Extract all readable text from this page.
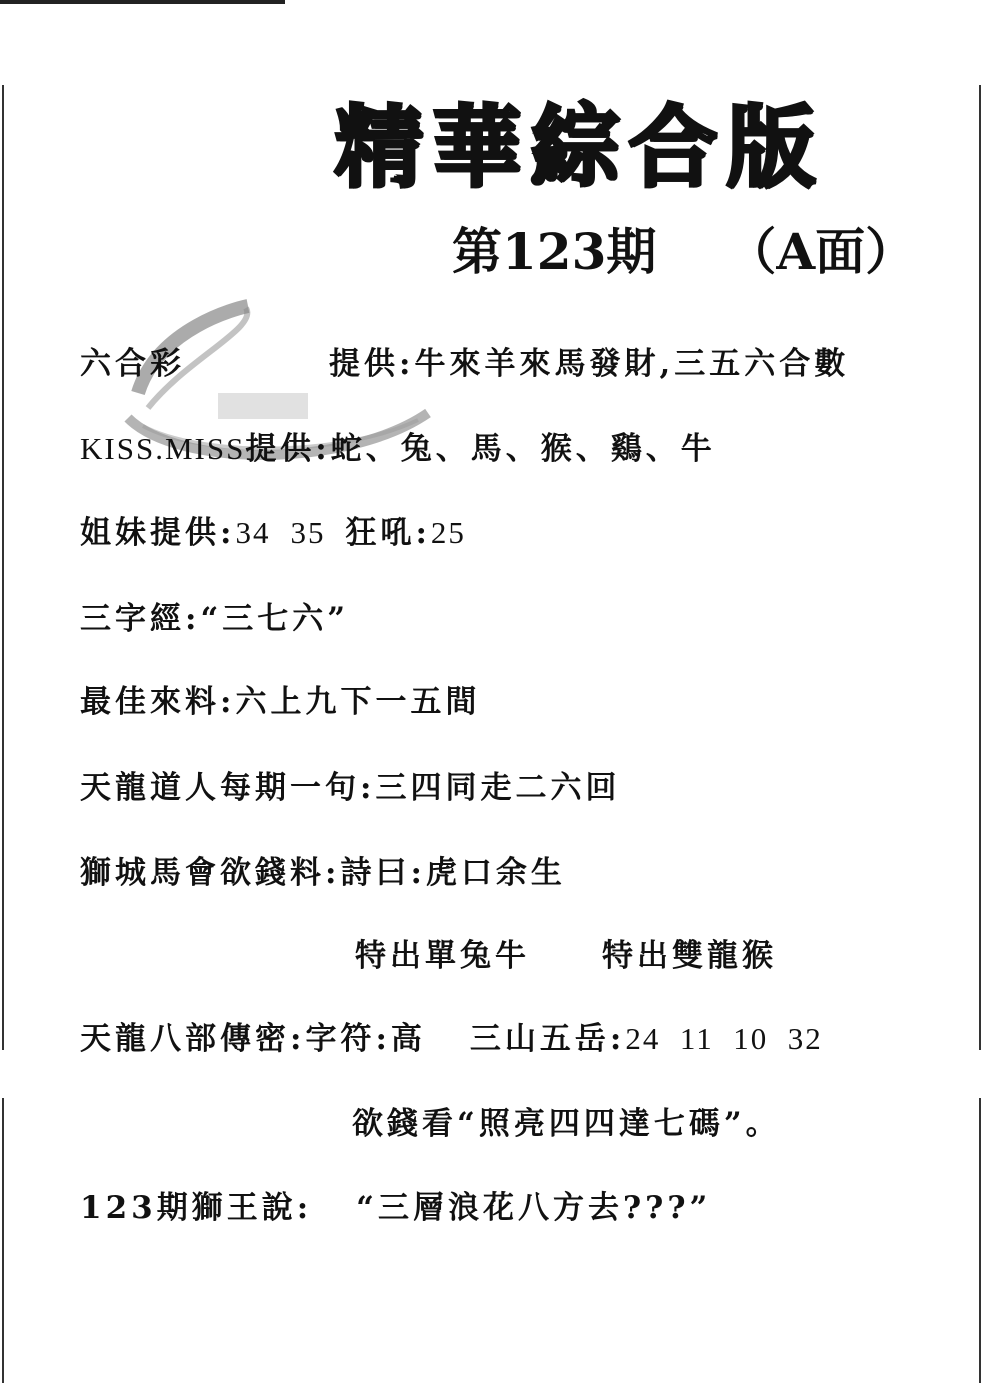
精華綜合版
第123期 （A面）
六合彩	提供:牛來羊來馬發財,三五六合數
KISS.MISS提供:蛇、兔、馬、猴、鷄、牛
姐妹提供:34 35 狂吼:25
三字經:“三七六”
最佳來料:六上九下一五間
天龍道人每期一句:三四同走二六回
獅城馬會欲錢料:詩曰:虎口余生
特出單兔牛 特出雙龍猴
天龍八部傳密:字符:高 三山五岳:24  11  10  32
欲錢看“照亮四四達七碼”。
123期獅王說: “三層浪花八方去???”
